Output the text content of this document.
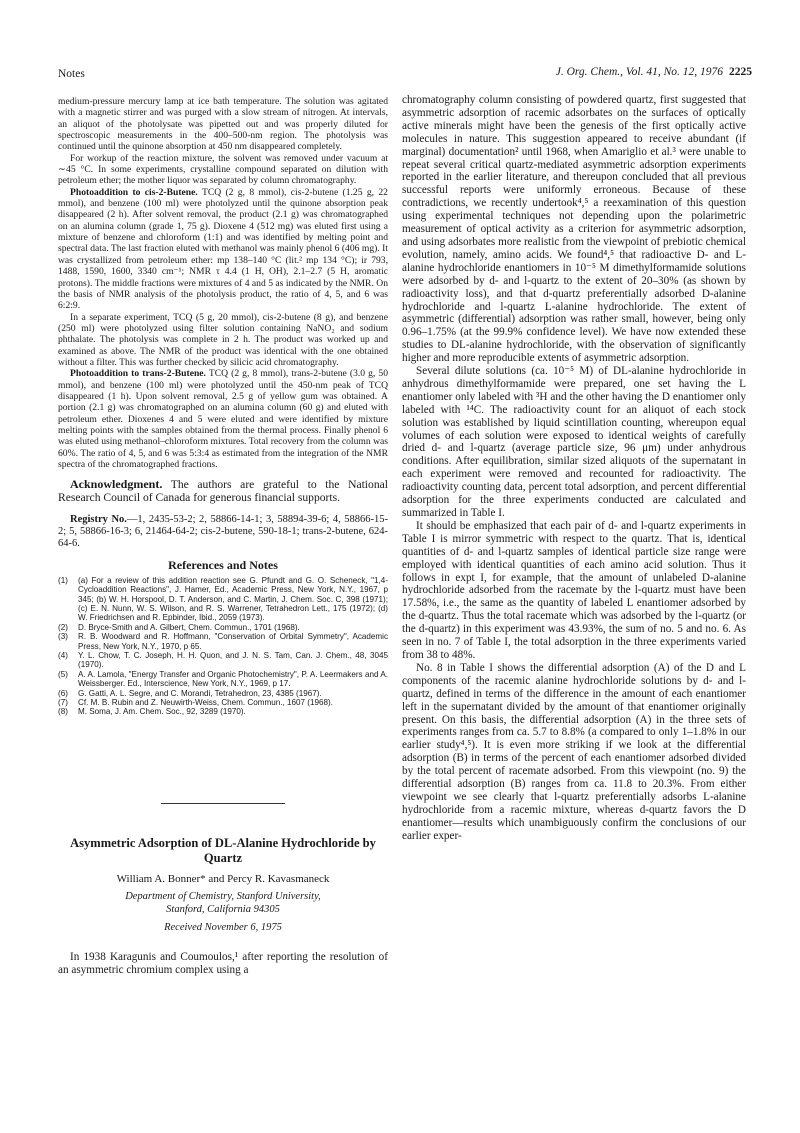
Notes	J. Org. Chem., Vol. 41, No. 12, 1976 2225

medium-pressure mercury lamp at ice bath temperature. The solution was agitated with a magnetic stirrer and was purged with a slow stream of nitrogen. At intervals, an aliquot of the photolysate was pipetted out and was properly diluted for spectroscopic measurements in the 400–500-nm region. The photolysis was continued until the quinone absorption at 450 nm disappeared completely.

For workup of the reaction mixture, the solvent was removed under vacuum at ∼45 °C. In some experiments, crystalline compound separated on dilution with petroleum ether; the mother liquor was separated by column chromatography.

Photoaddition to cis-2-Butene. TCQ (2 g, 8 mmol), cis-2-butene (1.25 g, 22 mmol), and benzene (100 ml) were photolyzed until the quinone absorption peak disappeared (2 h). After solvent removal, the product (2.1 g) was chromatographed on an alumina column (grade 1, 75 g). Dioxene 4 (512 mg) was eluted first using a mixture of benzene and chloroform (1:1) and was identified by melting point and spectral data. The last fraction eluted with methanol was mainly phenol 6 (406 mg). It was crystallized from petroleum ether: mp 138–140 °C (lit.² mp 134 °C); ir 793, 1488, 1590, 1600, 3340 cm⁻¹; NMR τ 4.4 (1 H, OH), 2.1–2.7 (5 H, aromatic protons). The middle fractions were mixtures of 4 and 5 as indicated by the NMR. On the basis of NMR analysis of the photolysis product, the ratio of 4, 5, and 6 was 6:2:9.

In a separate experiment, TCQ (5 g, 20 mmol), cis-2-butene (8 g), and benzene (250 ml) were photolyzed using filter solution containing NaNO₂ and sodium phthalate. The photolysis was complete in 2 h. The product was worked up and examined as above. The NMR of the product was identical with the one obtained without a filter. This was further checked by silicic acid chromatography.

Photoaddition to trans-2-Butene. TCQ (2 g, 8 mmol), trans-2-butene (3.0 g, 50 mmol), and benzene (100 ml) were photolyzed until the 450-nm peak of TCQ disappeared (1 h). Upon solvent removal, 2.5 g of yellow gum was obtained. A portion (2.1 g) was chromatographed on an alumina column (60 g) and eluted with petroleum ether. Dioxenes 4 and 5 were eluted and were identified by mixture melting points with the samples obtained from the thermal process. Finally phenol 6 was eluted using methanol–chloroform mixtures. Total recovery from the column was 60%. The ratio of 4, 5, and 6 was 5:3:4 as estimated from the integration of the NMR spectra of the chromatographed fractions.

Acknowledgment. The authors are grateful to the National Research Council of Canada for generous financial supports.

Registry No.—1, 2435-53-2; 2, 58866-14-1; 3, 58894-39-6; 4, 58866-15-2; 5, 58866-16-3; 6, 21464-64-2; cis-2-butene, 590-18-1; trans-2-butene, 624-64-6.

References and Notes
(1)	(a) For a review of this addition reaction see G. Pfundt and G. O. Scheneck, "1,4-Cycloaddition Reactions", J. Hamer, Ed., Academic Press, New York, N.Y., 1967, p 345; (b) W. H. Horspool, D. T. Anderson, and C. Martin, J. Chem. Soc. C, 398 (1971); (c) E. N. Nunn, W. S. Wilson, and R. S. Warrener, Tetrahedron Lett., 175 (1972); (d) W. Friedrichsen and R. Epbinder, Ibid., 2059 (1973).
(2)	D. Bryce-Smith and A. Gilbert, Chem. Commun., 1701 (1968).
(3)	R. B. Woodward and R. Hoffmann, "Conservation of Orbital Symmetry", Academic Press, New York, N.Y., 1970, p 65.
(4)	Y. L. Chow, T. C. Joseph, H. H. Quon, and J. N. S. Tam, Can. J. Chem., 48, 3045 (1970).
(5)	A. A. Lamola, "Energy Transfer and Organic Photochemistry", P. A. Leermakers and A. Weissberger. Ed., Interscience, New York, N.Y., 1969, p 17.
(6)	G. Gatti, A. L. Segre, and C. Morandi, Tetrahedron, 23, 4385 (1967).
(7)	Cf. M. B. Rubin and Z. Neuwirth-Weiss, Chem. Commun., 1607 (1968).
(8)	M. Soma, J. Am. Chem. Soc., 92, 3289 (1970).
Asymmetric Adsorption of DL-Alanine Hydrochloride by Quartz
William A. Bonner* and Percy R. Kavasmaneck
Department of Chemistry, Stanford University,
Stanford, California 94305
Received November 6, 1975

In 1938 Karagunis and Coumoulos,¹ after reporting the resolution of an asymmetric chromium complex using a

chromatography column consisting of powdered quartz, first suggested that asymmetric adsorption of racemic adsorbates on the surfaces of optically active minerals might have been the genesis of the first optically active molecules in nature. This suggestion appeared to receive abundant (if marginal) documentation² until 1968, when Amariglio et al.³ were unable to repeat several critical quartz-mediated asymmetric adsorption experiments reported in the earlier literature, and thereupon concluded that all previous successful reports were uniformly erroneous. Because of these contradictions, we recently undertook⁴,⁵ a reexamination of this question using experimental techniques not depending upon the polarimetric measurement of optical activity as a criterion for asymmetric adsorption, and using adsorbates more realistic from the viewpoint of prebiotic chemical evolution, namely, amino acids. We found⁴,⁵ that radioactive D- and L-alanine hydrochloride enantiomers in 10⁻⁵ M dimethylformamide solutions were adsorbed by d- and l-quartz to the extent of 20–30% (as shown by radioactivity loss), and that d-quartz preferentially adsorbed D-alanine hydrochloride and l-quartz L-alanine hydrochloride. The extent of asymmetric (differential) adsorption was rather small, however, being only 0.96–1.75% (at the 99.9% confidence level). We have now extended these studies to DL-alanine hydrochloride, with the observation of significantly higher and more reproducible extents of asymmetric adsorption.

Several dilute solutions (ca. 10⁻⁵ M) of DL-alanine hydrochloride in anhydrous dimethylformamide were prepared, one set having the L enantiomer only labeled with ³H and the other having the D enantiomer only labeled with ¹⁴C. The radioactivity count for an aliquot of each stock solution was established by liquid scintillation counting, whereupon equal volumes of each solution were exposed to identical weights of carefully dried d- and l-quartz (average particle size, 96 μm) under anhydrous conditions. After equilibration, similar sized aliquots of the supernatant in each experiment were removed and recounted for radioactivity. The radioactivity counting data, percent total adsorption, and percent differential adsorption for the three experiments conducted are calculated and summarized in Table I.

It should be emphasized that each pair of d- and l-quartz experiments in Table I is mirror symmetric with respect to the quartz. That is, identical quantities of d- and l-quartz samples of identical particle size range were employed with identical quantities of each amino acid solution. Thus it follows in expt I, for example, that the amount of unlabeled D-alanine hydrochloride adsorbed from the racemate by the l-quartz must have been 17.58%, i.e., the same as the quantity of labeled L enantiomer adsorbed by the d-quartz. Thus the total racemate which was adsorbed by the l-quartz (or the d-quartz) in this experiment was 43.93%, the sum of no. 5 and no. 6. As seen in no. 7 of Table I, the total adsorption in the three experiments varied from 38 to 48%.

No. 8 in Table I shows the differential adsorption (A) of the D and L components of the racemic alanine hydrochloride solutions by d- and l-quartz, defined in terms of the difference in the amount of each enantiomer left in the supernatant divided by the amount of that enantiomer originally present. On this basis, the differential adsorption (A) in the three sets of experiments ranges from ca. 5.7 to 8.8% (a compared to only 1–1.8% in our earlier study⁴,⁵). It is even more striking if we look at the differential adsorption (B) in terms of the percent of each enantiomer adsorbed divided by the total percent of racemate adsorbed. From this viewpoint (no. 9) the differential adsorption (B) ranges from ca. 11.8 to 20.3%. From either viewpoint we see clearly that l-quartz preferentially adsorbs L-alanine hydrochloride from a racemic mixture, whereas d-quartz favors the D enantiomer—results which unambiguously confirm the conclusions of our earlier exper-
